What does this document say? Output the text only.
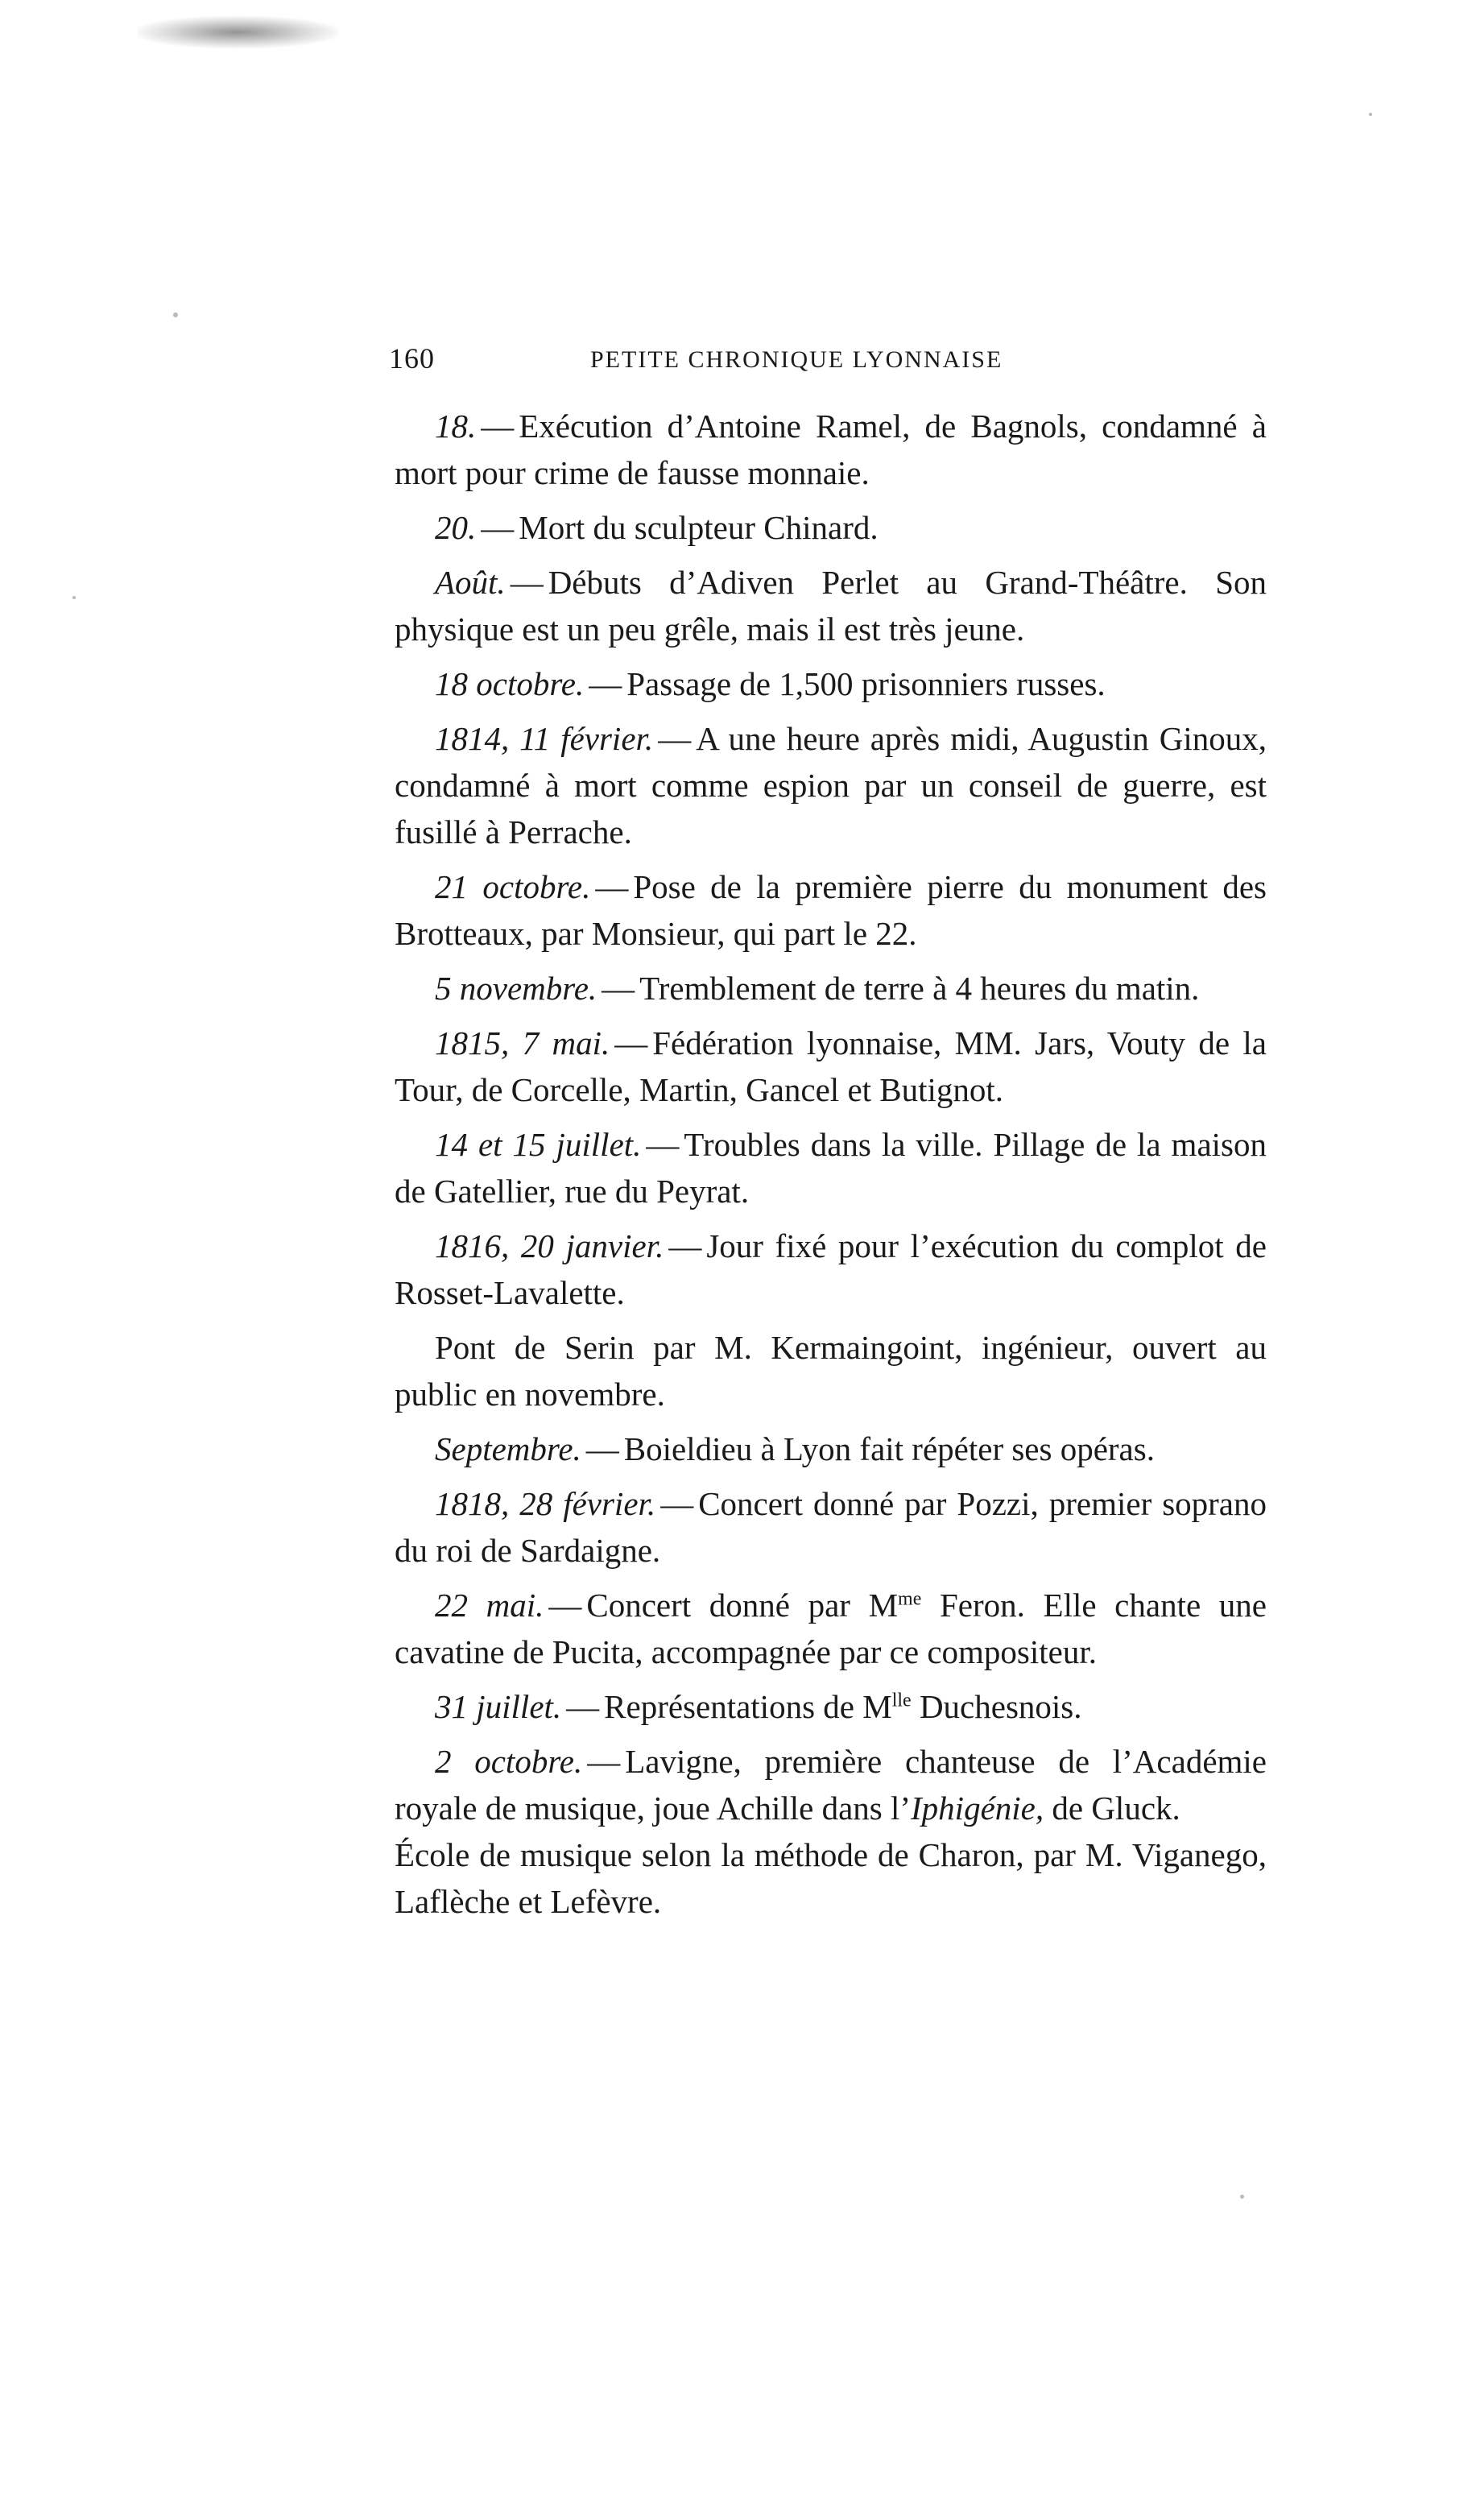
160	PETITE CHRONIQUE LYONNAISE

18. — Exécution d’Antoine Ramel, de Bagnols, condamné à mort pour crime de fausse monnaie.

20. — Mort du sculpteur Chinard.

Août. — Débuts d’Adiven Perlet au Grand-Théâtre. Son physique est un peu grêle, mais il est très jeune.

18 octobre. — Passage de 1,500 prisonniers russes.

1814, 11 février. — A une heure après midi, Augustin Ginoux, condamné à mort comme espion par un conseil de guerre, est fusillé à Perrache.

21 octobre. — Pose de la première pierre du monument des Brotteaux, par Monsieur, qui part le 22.

5 novembre. — Tremblement de terre à 4 heures du matin.

1815, 7 mai. — Fédération lyonnaise, MM. Jars, Vouty de la Tour, de Corcelle, Martin, Gancel et Butignot.

14 et 15 juillet. — Troubles dans la ville. Pillage de la maison de Gatellier, rue du Peyrat.

1816, 20 janvier. — Jour fixé pour l’exécution du complot de Rosset-Lavalette.

Pont de Serin par M. Kermaingoint, ingénieur, ouvert au public en novembre.

Septembre. — Boieldieu à Lyon fait répéter ses opéras.

1818, 28 février. — Concert donné par Pozzi, premier soprano du roi de Sardaigne.

22 mai. — Concert donné par $M^{me}$ Feron. Elle chante une cavatine de Pucita, accompagnée par ce compositeur.

31 juillet. — Représentations de $M^{lle}$ Duchesnois.

2 octobre. — Lavigne, première chanteuse de l’Académie royale de musique, joue Achille dans l’Iphigénie, de Gluck.

École de musique selon la méthode de Charon, par M. Viganego, Laflèche et Lefèvre.
